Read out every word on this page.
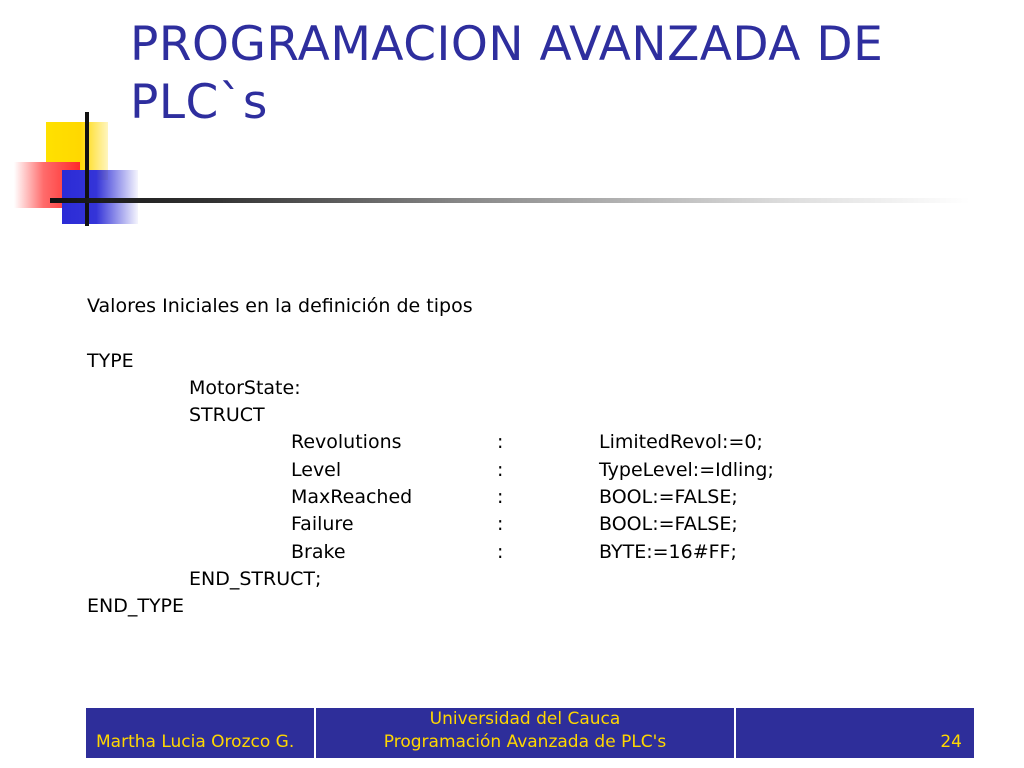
PROGRAMACION AVANZADA DE PLC`s
Valores Iniciales en la definición de tipos
TYPE
MotorState:
STRUCT
Revolutions	:	LimitedRevol:=0;
Level	:	TypeLevel:=Idling;
MaxReached	:	BOOL:=FALSE;
Failure	:	BOOL:=FALSE;
Brake	:	BYTE:=16#FF;
END_STRUCT;
END_TYPE
Martha Lucia Orozco G.
Universidad del Cauca
Programación Avanzada de PLC's	24
